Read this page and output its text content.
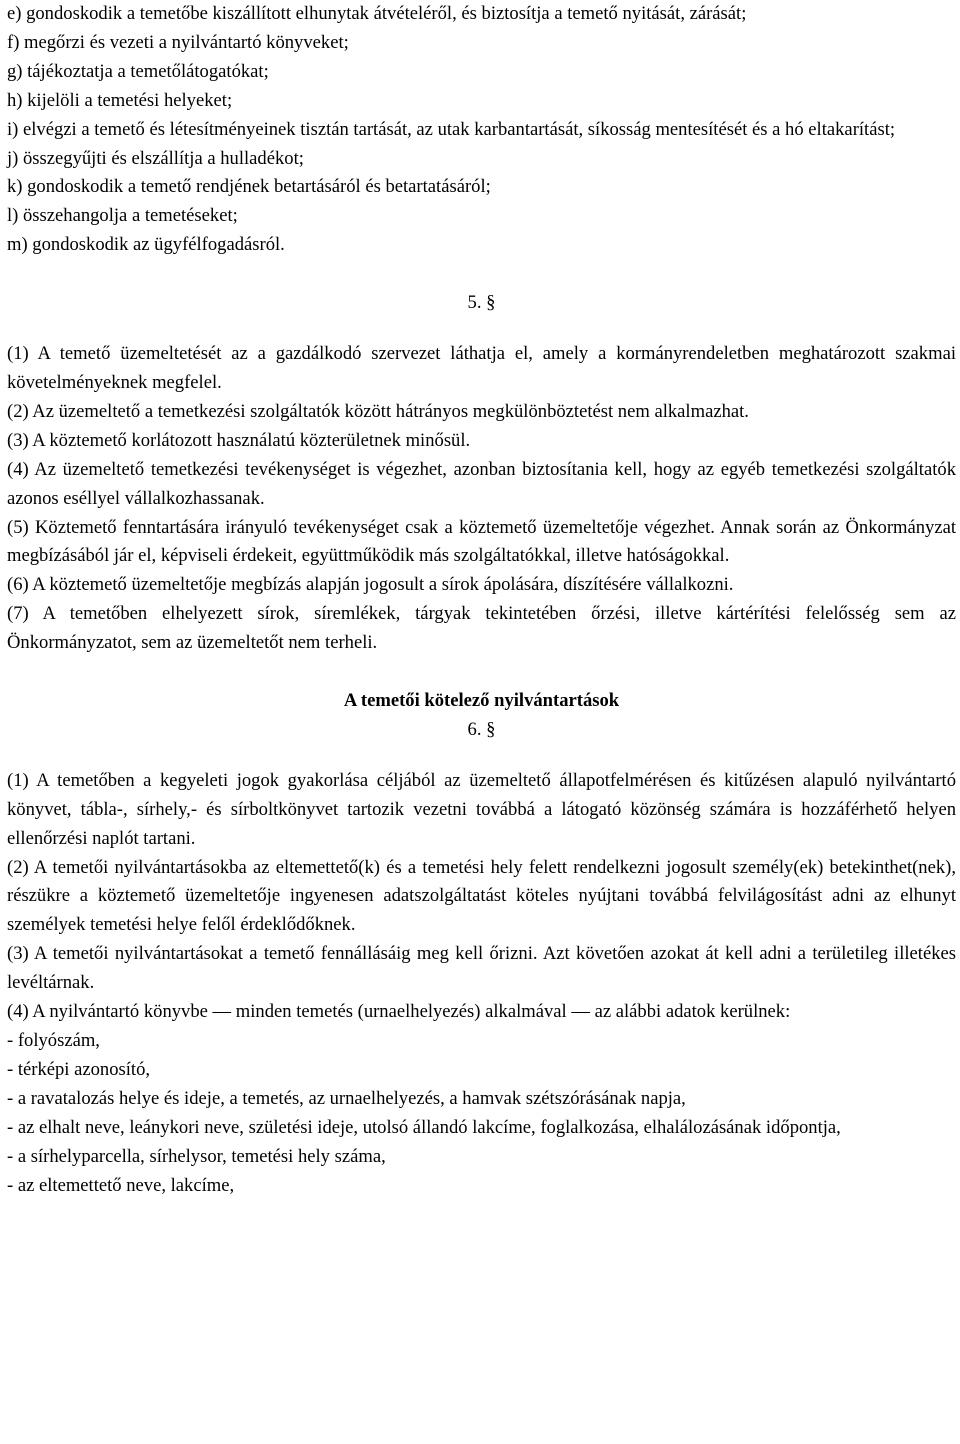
e) gondoskodik a temetőbe kiszállított elhunytak átvételéről, és biztosítja a temető nyitását, zárását;

f) megőrzi és vezeti a nyilvántartó könyveket;

g) tájékoztatja a temetőlátogatókat;

h) kijelöli a temetési helyeket;

i) elvégzi a temető és létesítményeinek tisztán tartását, az utak karbantartását, síkosság mentesítését és a hó eltakarítást;

j) összegyűjti és elszállítja a hulladékot;

k) gondoskodik a temető rendjének betartásáról és betartatásáról;

l) összehangolja a temetéseket;

m) gondoskodik az ügyfélfogadásról.

5. §

(1) A temető üzemeltetését az a gazdálkodó szervezet láthatja el, amely a kormányrendeletben meghatározott szakmai követelményeknek megfelel.

(2) Az üzemeltető a temetkezési szolgáltatók között hátrányos megkülönböztetést nem alkalmazhat.

(3) A köztemető korlátozott használatú közterületnek minősül.

(4) Az üzemeltető temetkezési tevékenységet is végezhet, azonban biztosítania kell, hogy az egyéb temetkezési szolgáltatók azonos eséllyel vállalkozhassanak.

(5) Köztemető fenntartására irányuló tevékenységet csak a köztemető üzemeltetője végezhet. Annak során az Önkormányzat megbízásából jár el, képviseli érdekeit, együttműködik más szolgáltatókkal, illetve hatóságokkal.

(6) A köztemető üzemeltetője megbízás alapján jogosult a sírok ápolására, díszítésére vállalkozni.

(7) A temetőben elhelyezett sírok, síremlékek, tárgyak tekintetében őrzési, illetve kártérítési felelősség sem az Önkormányzatot, sem az üzemeltetőt nem terheli.

A temetői kötelező nyilvántartások

6. §

(1) A temetőben a kegyeleti jogok gyakorlása céljából az üzemeltető állapotfelmérésen és kitűzésen alapuló nyilvántartó könyvet, tábla-, sírhely,- és sírboltkönyvet tartozik vezetni továbbá a látogató közönség számára is hozzáférhető helyen ellenőrzési naplót tartani.

(2) A temetői nyilvántartásokba az eltemettető(k) és a temetési hely felett rendelkezni jogosult személy(ek) betekinthet(nek), részükre a köztemető üzemeltetője ingyenesen adatszolgáltatást köteles nyújtani továbbá felvilágosítást adni az elhunyt személyek temetési helye felől érdeklődőknek.

(3) A temetői nyilvántartásokat a temető fennállásáig meg kell őrizni. Azt követően azokat át kell adni a területileg illetékes levéltárnak.

(4) A nyilvántartó könyvbe — minden temetés (urnaelhelyezés) alkalmával — az alábbi adatok kerülnek:

- folyószám,

- térképi azonosító,

- a ravatalozás helye és ideje, a temetés, az urnaelhelyezés, a hamvak szétszórásának napja,

- az elhalt neve, leánykori neve, születési ideje, utolsó állandó lakcíme, foglalkozása, elhalálozásának időpontja,

- a sírhelyparcella, sírhelysor, temetési hely száma,

- az eltemettető neve, lakcíme,
